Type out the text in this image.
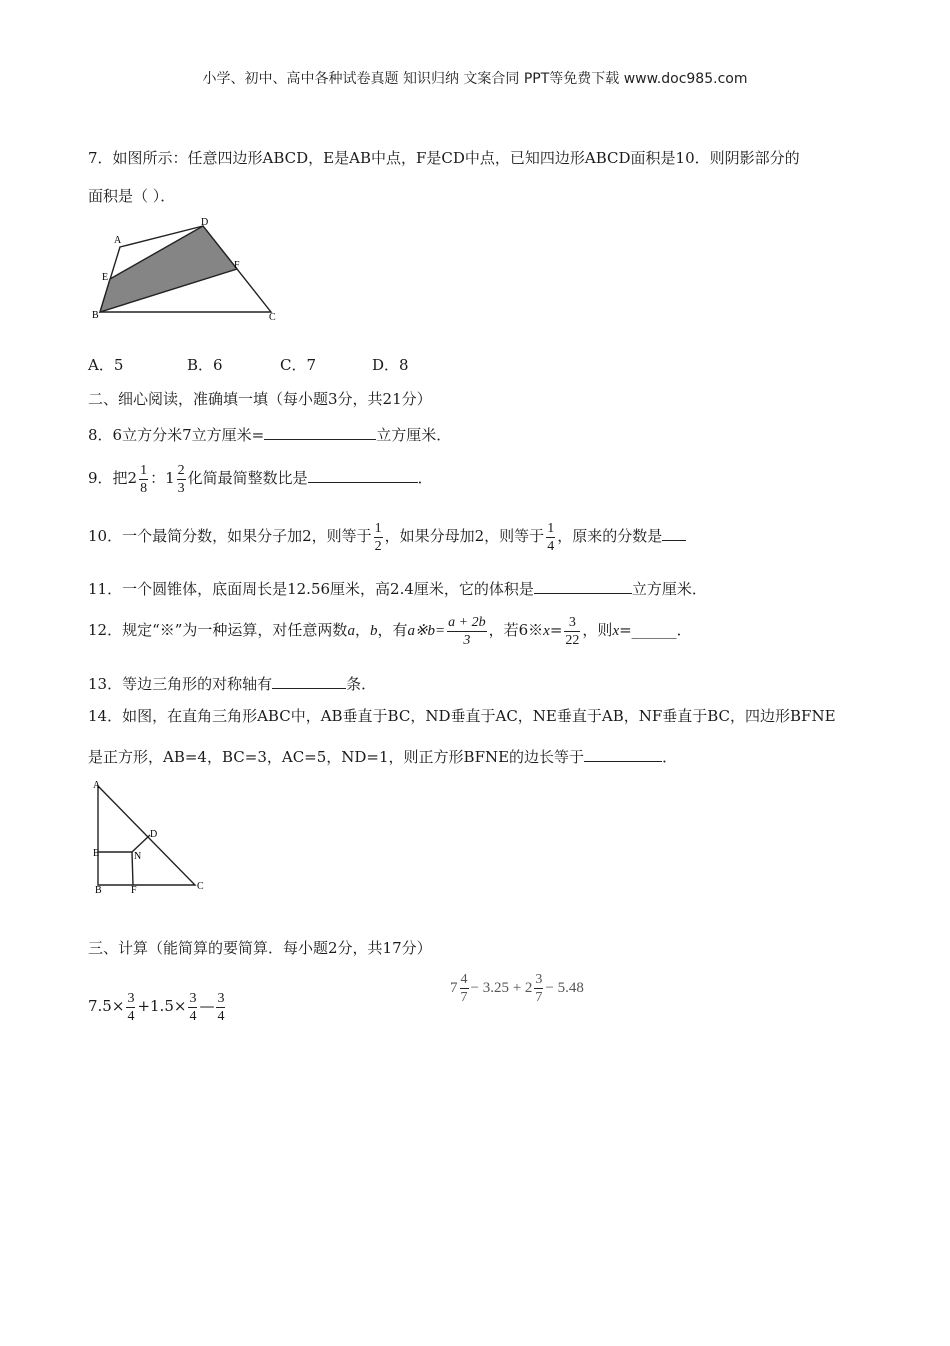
小学、初中、高中各种试卷真题 知识归纳 文案合同 PPT等免费下载 www.doc985.com
7．如图所示：任意四边形ABCD，E是AB中点，F是CD中点，已知四边形ABCD面积是10．则阴影部分的
面积是（ ）．
A
D
E
F
B	C
A．5	B．6	C．7	D．8
二、细心阅读，准确填一填（每小题3分，共21分）
8．6立方分米7立方厘米=	立方厘米．
9．把$2 \frac{1}{8}$ ：$1 \frac{2}{3}$ 化简最简整数比是	．
10．一个最简分数，如果分子加2，则等于 $\frac{1}{2}$ ，如果分母加2，则等于 $\frac{1}{4}$ ，原来的分数是
11．一个圆锥体，底面周长是12.56厘米，高2.4厘米，它的体积是	立方厘米．
12．规定“※”为一种运算，对任意两数a，b，有a※b= $\frac{a + 2b}{3}$ ，若6※x= $\frac{3}{22}$ ，则x=______．
13．等边三角形的对称轴有	条．
14．如图，在直角三角形ABC中，AB垂直于BC，ND垂直于AC，NE垂直于AB，NF垂直于BC，四边形BFNE
是正方形，AB=4，BC=3，AC=5，ND=1，则正方形BFNE的边长等于	．
A
D
E	N
B	F	C
三、计算（能简算的要简算．每小题2分，共17分）
$7.5\times \frac{3}{4} +1.5\times \frac{3}{4}$ — $\frac{3}{4}$
$7 \frac{4}{7} - 3.25 + 2 \frac{3}{7} - 5.48$
